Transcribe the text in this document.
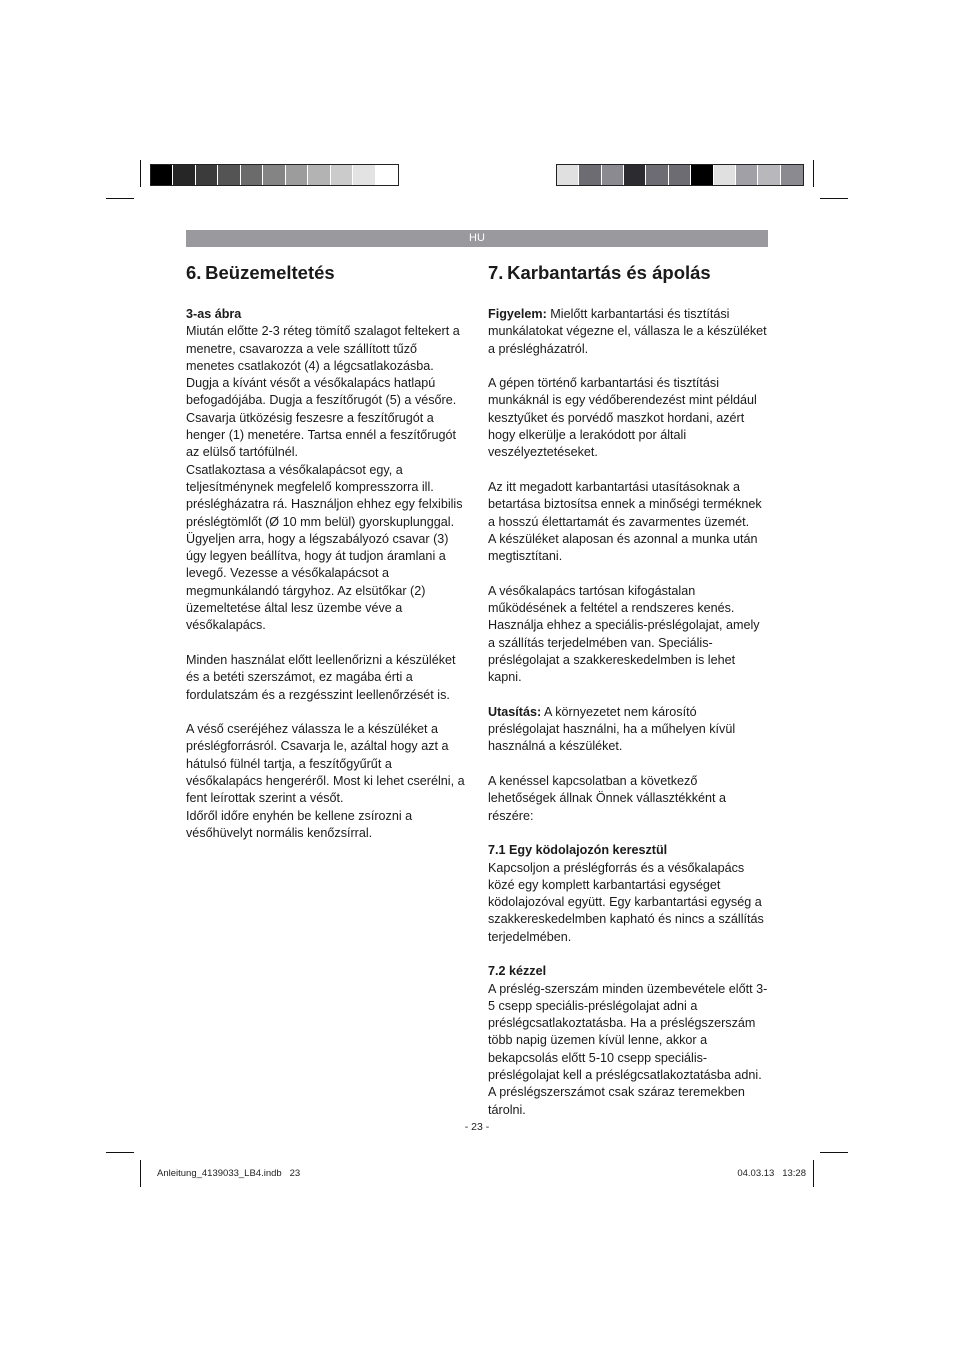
HU
6. Beüzemeltetés
3-as ábra
Miután előtte 2-3 réteg tömítő szalagot feltekert a menetre, csavarozza a vele szállított tűző menetes csatlakozót (4) a légcsatlakozásba. Dugja a kívánt vésőt a vésőkalapács hatlapú befogadójába. Dugja a feszítőrugót (5) a vésőre. Csavarja ütközésig feszesre a feszítőrugót a henger (1) menetére. Tartsa ennél a feszítőrugót az elülső tartófülnél.

Csatlakoztasa a vésőkalapácsot egy, a teljesítménynek megfelelő kompresszorra ill. préslégházatra rá. Használjon ehhez egy felxibilis préslégtömlőt (Ø 10 mm belül) gyorskuplunggal. Ügyeljen arra, hogy a légszabályozó csavar (3) úgy legyen beállítva, hogy át tudjon áramlani a levegő. Vezesse a vésőkalapácsot a megmunkálandó tárgyhoz. Az elsütőkar (2) üzemeltetése által lesz üzembe véve a vésőkalapács.

Minden használat előtt leellenőrizni a készüléket és a betéti szerszámot, ez magába érti a fordulatszám és a rezgésszint leellenőrzését is.

A véső cseréjéhez válassza le a készüléket a préslégforrásról. Csavarja le, azáltal hogy azt a hátulsó fülnél tartja, a feszítőgyűrűt a vésőkalapács hengeréről. Most ki lehet cserélni, a fent leírottak szerint a vésőt.
Időről időre enyhén be kellene zsírozni a vésőhüvelyt normális kenőzsírral.
7. Karbantartás és ápolás

Figyelem: Mielőtt karbantartási és tisztítási munkálatokat végezne el, vállasza le a készüléket a préslégházatról.

A gépen történő karbantartási és tisztítási munkáknál is egy védőberendezést mint például kesztyűket és porvédő maszkot hordani, azért hogy elkerülje a lerakódott por általi veszélyeztetéseket.

Az itt megadott karbantartási utasításoknak a betartása biztosítsa ennek a minőségi terméknek a hosszú élettartamát és zavarmentes üzemét.

A készüléket alaposan és azonnal a munka után megtisztítani.

A vésőkalapács tartósan kifogástalan működésének a feltétel a rendszeres kenés. Használja ehhez a speciális-préslégolajat, amely a szállítás terjedelmében van. Speciális-préslégolajat a szakkereskedelmben is lehet kapni.

Utasítás: A környezetet nem károsító préslégolajat használni, ha a műhelyen kívül használná a készüléket.

A kenéssel kapcsolatban a következő lehetőségek állnak Önnek vállasztékként a részére:

7.1 Egy ködolajozón keresztül

Kapcsoljon a préslégforrás és a vésőkalapács közé egy komplett karbantartási egységet ködolajozóval együtt. Egy karbantartási egység a szakkereskedelmben kapható és nincs a szállítás terjedelmében.

7.2 kézzel
A préslég-szerszám minden üzembevétele előtt 3-5 csepp speciális-préslégolajat adni a préslégcsatlakoztatásba. Ha a préslégszerszám több napig üzemen kívül lenne, akkor a bekapcsolás előtt 5-10 csepp speciális-préslégolajat kell a préslégcsatlakoztatásba adni. A préslégszerszámot csak száraz teremekben tárolni.
- 23 -
Anleitung_4139033_LB4.indb   23	04.03.13   13:28
